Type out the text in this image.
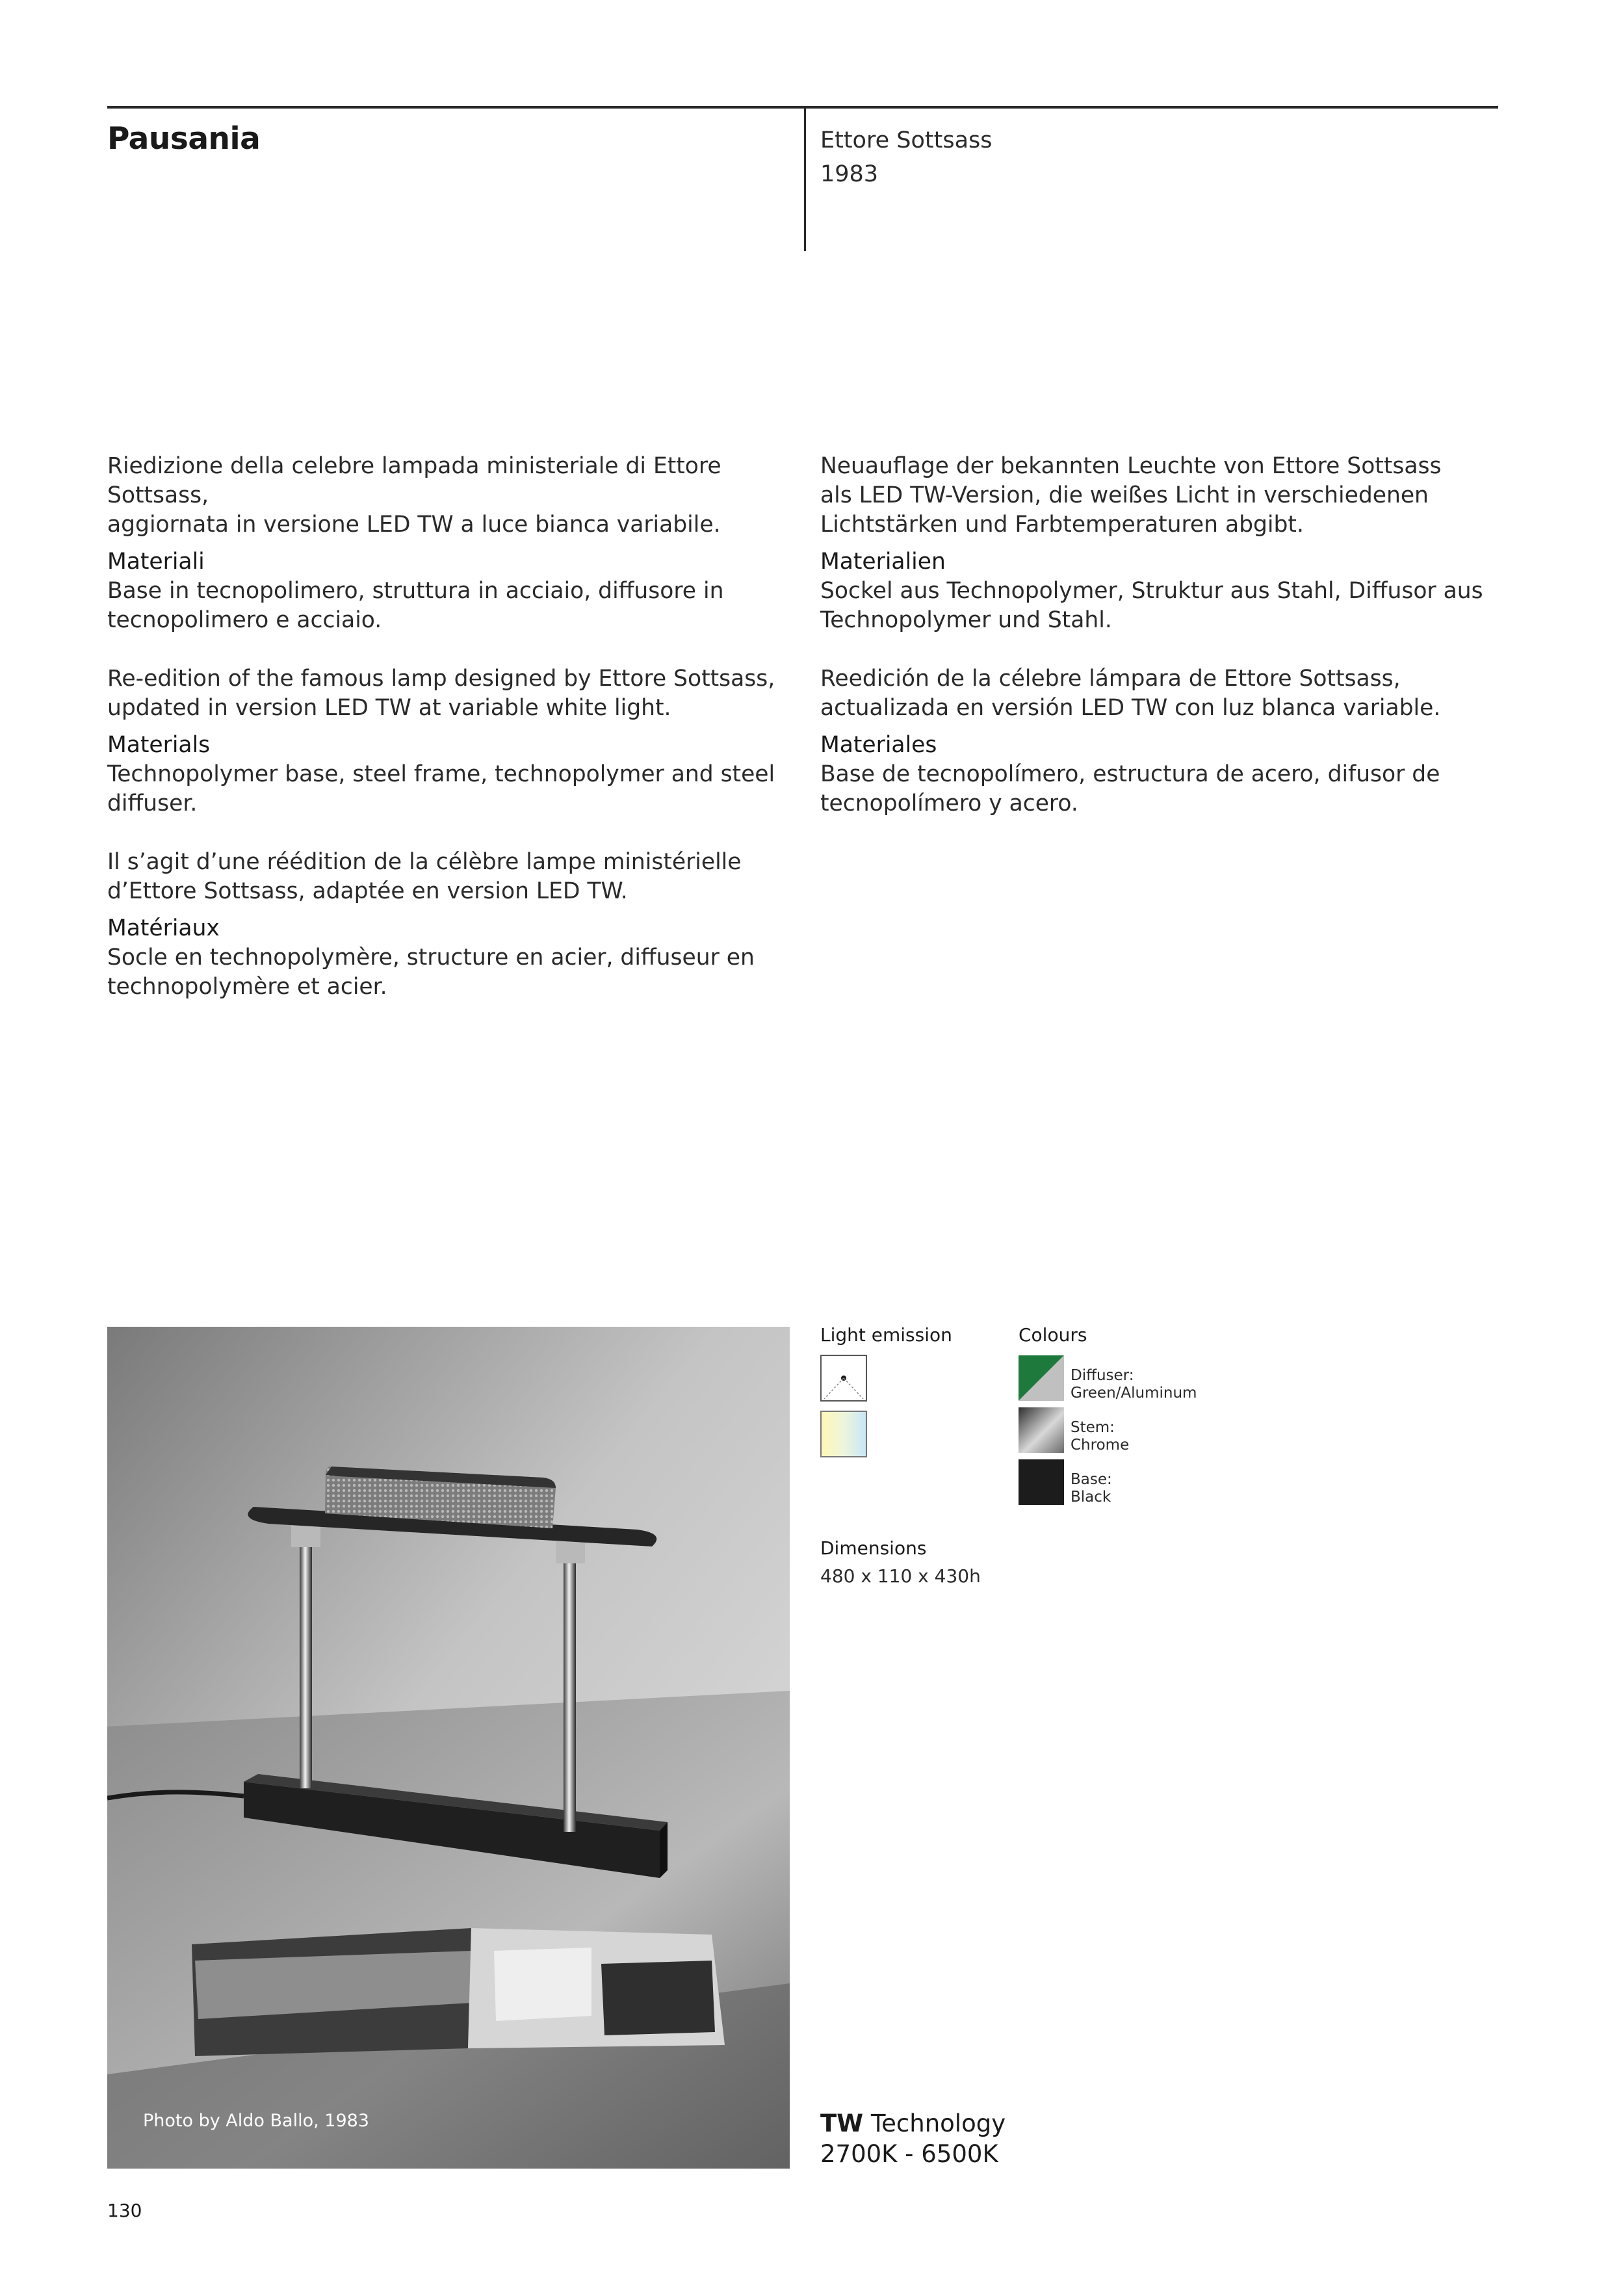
Pausania	Ettore Sottsass
1983

Riedizione della celebre lampada ministeriale di Ettore Sottsass,

aggiornata in versione LED TW a luce bianca variabile.

Materiali

Base in tecnopolimero, struttura in acciaio, diffusore in

tecnopolimero e acciaio.

Re-edition of the famous lamp designed by Ettore Sottsass,

updated in version LED TW at variable white light.

Materials

Technopolymer base, steel frame, technopolymer and steel

diffuser.

Il s’agit d’une réédition de la célèbre lampe ministérielle

d’Ettore Sottsass, adaptée en version LED TW.

Matériaux

Socle en technopolymère, structure en acier, diffuseur en

technopolymère et acier.

Neuauflage der bekannten Leuchte von Ettore Sottsass

als LED TW-Version, die weißes Licht in verschiedenen

Lichtstärken und Farbtemperaturen abgibt.

Materialien

Sockel aus Technopolymer, Struktur aus Stahl, Diffusor aus

Technopolymer und Stahl.

Reedición de la célebre lámpara de Ettore Sottsass,

actualizada en versión LED TW con luz blanca variable.

Materiales

Base de tecnopolímero, estructura de acero, difusor de

tecnopolímero y acero.

Photo by Aldo Ballo, 1983
Light emission	Colours
Diffuser:
Green/Aluminum
Stem:
Chrome
Base:
Black
Dimensions
480 x 110 x 430h
TW Technology
2700K - 6500K
130
